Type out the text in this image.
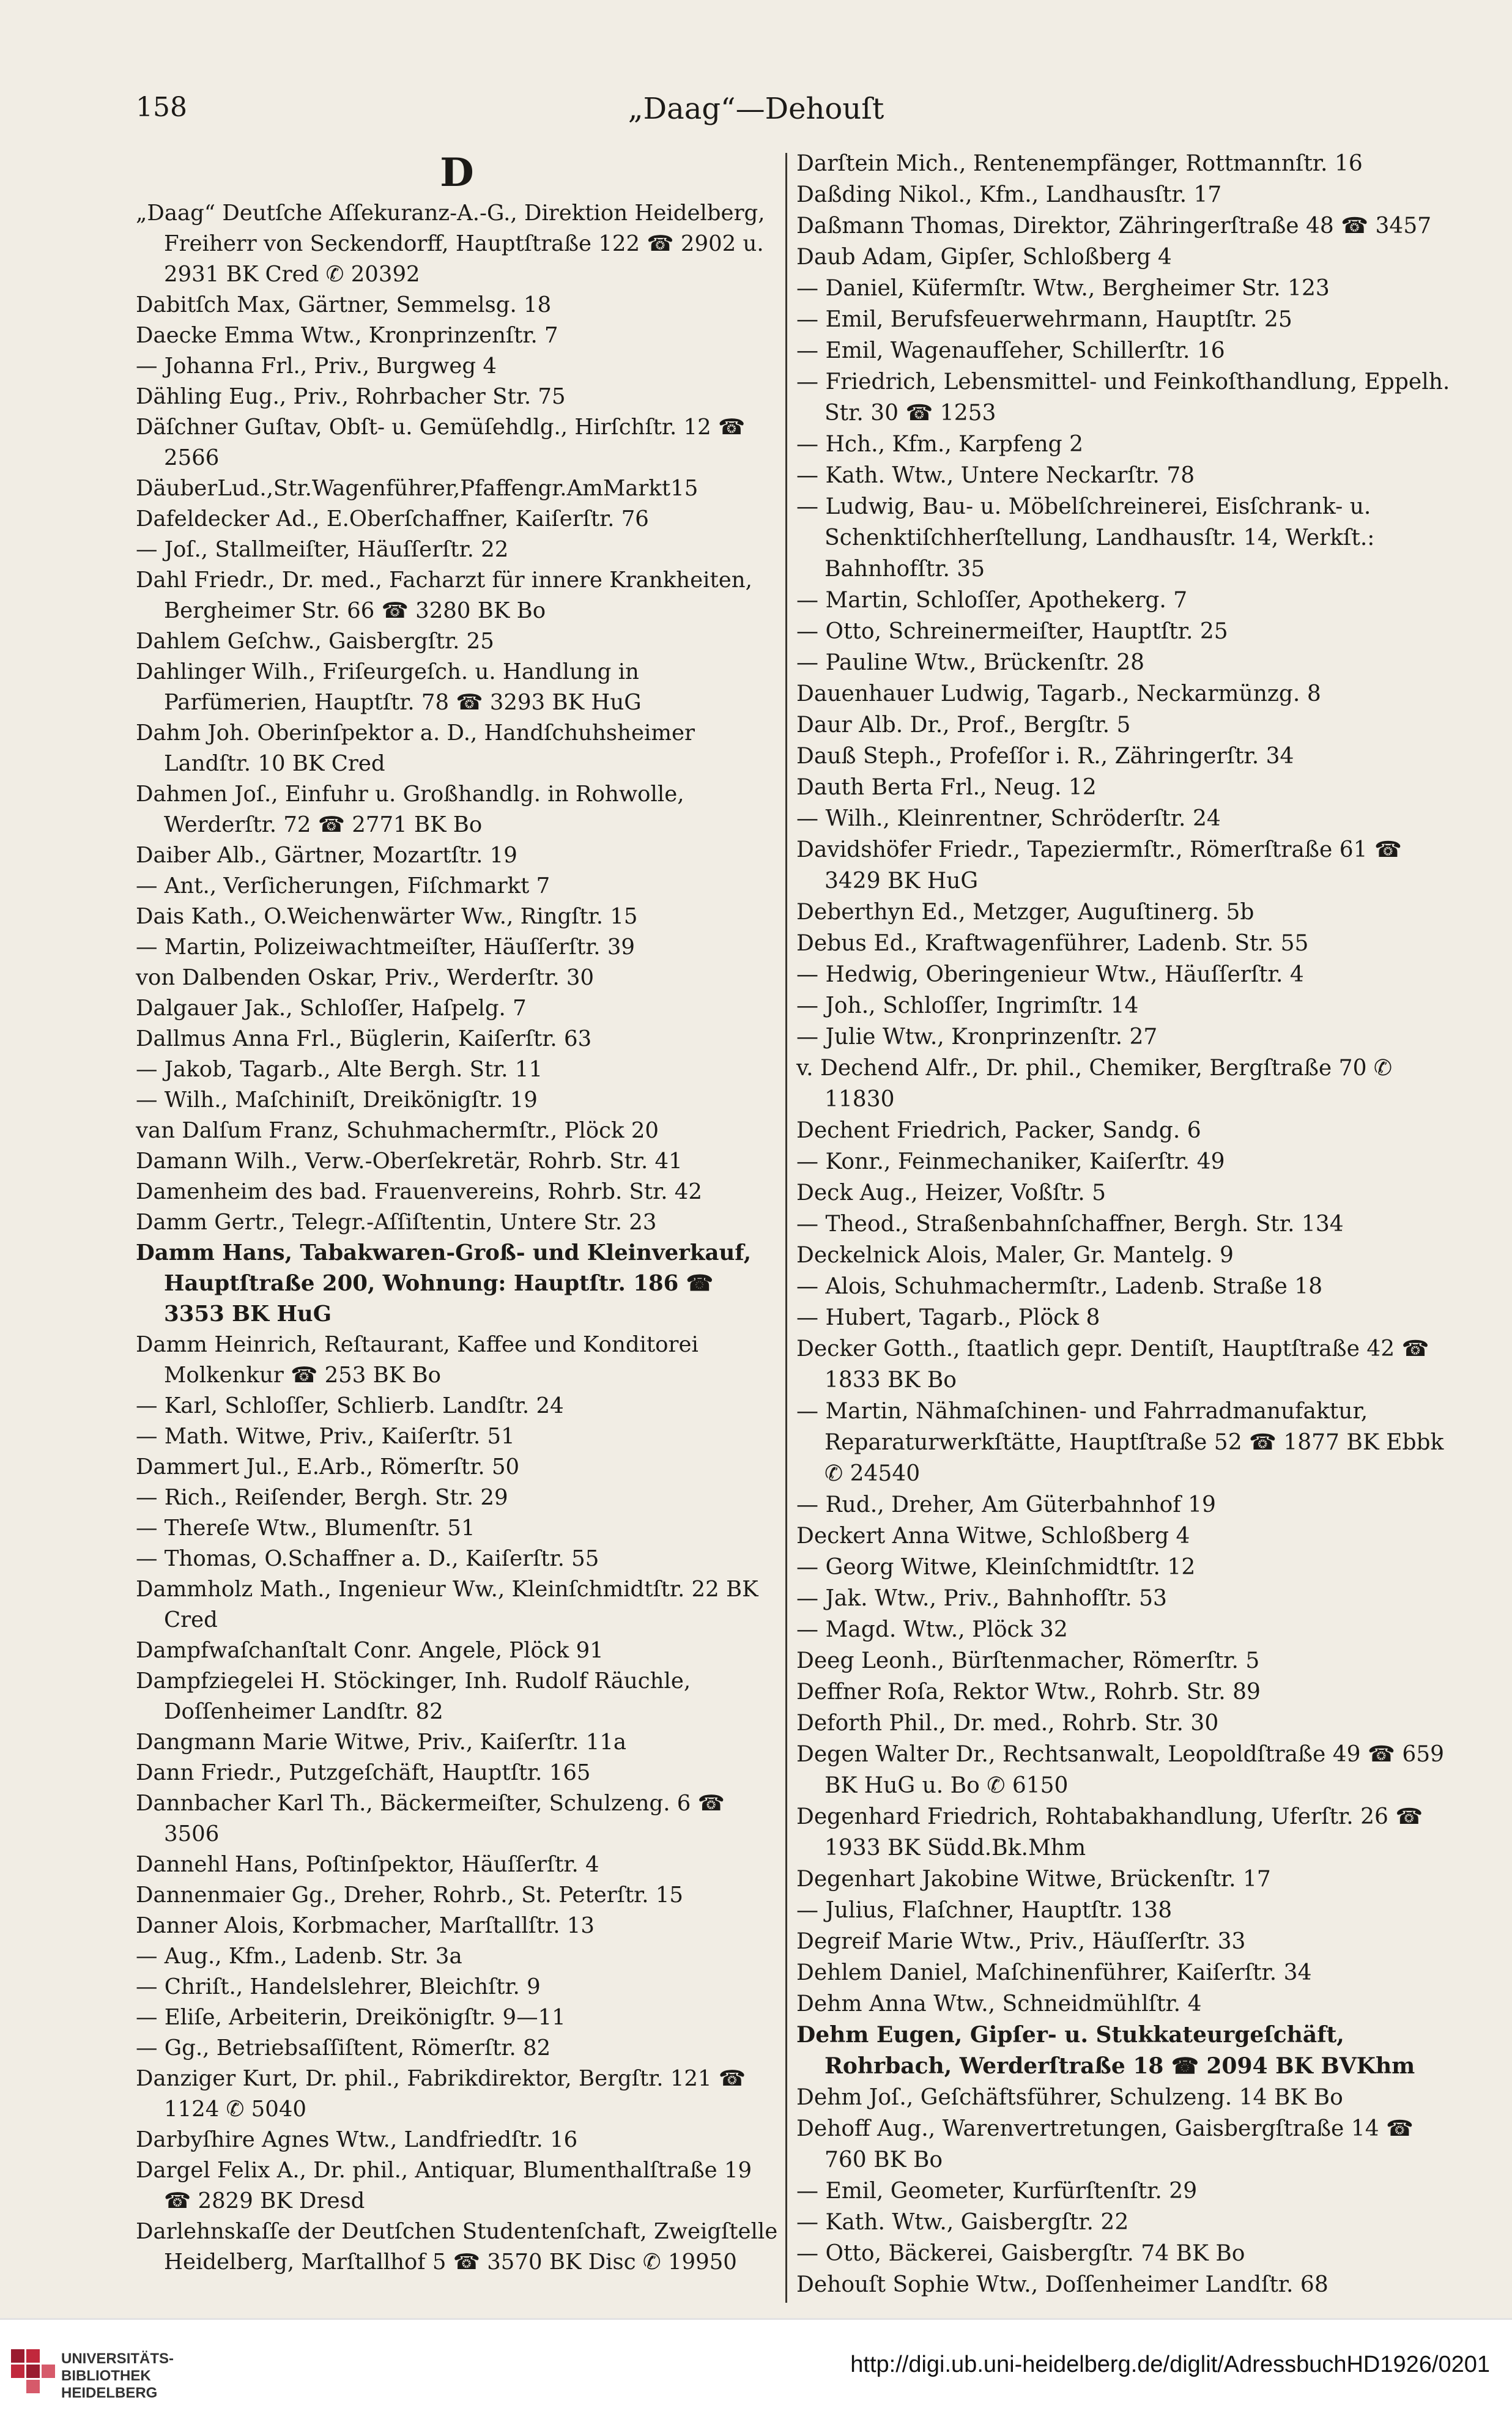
158	„Daag“—Dehouſt
D
„Daag“ Deutſche Aſſekuranz-A.-G., Direktion Heidelberg, Freiherr von Seckendorff, Hauptſtraße 122 ☎ 2902 u. 2931 BK Cred ✆ 20392
Dabitſch Max, Gärtner, Semmelsg. 18
Daecke Emma Wtw., Kronprinzenſtr. 7
— Johanna Frl., Priv., Burgweg 4
Dähling Eug., Priv., Rohrbacher Str. 75
Däſchner Guſtav, Obſt- u. Gemüſehdlg., Hirſchſtr. 12 ☎ 2566
DäuberLud.,Str.Wagenführer,Pfaffengr.AmMarkt15
Dafeldecker Ad., E.Oberſchaffner, Kaiſerſtr. 76
— Joſ., Stallmeiſter, Häuſſerſtr. 22
Dahl Friedr., Dr. med., Facharzt für innere Krankheiten, Bergheimer Str. 66 ☎ 3280 BK Bo
Dahlem Geſchw., Gaisbergſtr. 25
Dahlinger Wilh., Friſeurgeſch. u. Handlung in Parfümerien, Hauptſtr. 78 ☎ 3293 BK HuG
Dahm Joh. Oberinſpektor a. D., Handſchuhsheimer Landſtr. 10 BK Cred
Dahmen Joſ., Einfuhr u. Großhandlg. in Rohwolle, Werderſtr. 72 ☎ 2771 BK Bo
Daiber Alb., Gärtner, Mozartſtr. 19
— Ant., Verſicherungen, Fiſchmarkt 7
Dais Kath., O.Weichenwärter Ww., Ringſtr. 15
— Martin, Polizeiwachtmeiſter, Häuſſerſtr. 39
von Dalbenden Oskar, Priv., Werderſtr. 30
Dalgauer Jak., Schloſſer, Haſpelg. 7
Dallmus Anna Frl., Büglerin, Kaiſerſtr. 63
— Jakob, Tagarb., Alte Bergh. Str. 11
— Wilh., Maſchiniſt, Dreikönigſtr. 19
van Dalſum Franz, Schuhmachermſtr., Plöck 20
Damann Wilh., Verw.-Oberſekretär, Rohrb. Str. 41
Damenheim des bad. Frauenvereins, Rohrb. Str. 42
Damm Gertr., Telegr.-Aſſiſtentin, Untere Str. 23
Damm Hans, Tabakwaren-Groß- und Kleinverkauf, Hauptſtraße 200, Wohnung: Hauptſtr. 186 ☎ 3353 BK HuG
Damm Heinrich, Reſtaurant, Kaffee und Konditorei Molkenkur ☎ 253 BK Bo
— Karl, Schloſſer, Schlierb. Landſtr. 24
— Math. Witwe, Priv., Kaiſerſtr. 51
Dammert Jul., E.Arb., Römerſtr. 50
— Rich., Reiſender, Bergh. Str. 29
— Thereſe Wtw., Blumenſtr. 51
— Thomas, O.Schaffner a. D., Kaiſerſtr. 55
Dammholz Math., Ingenieur Ww., Kleinſchmidtſtr. 22 BK Cred
Dampfwaſchanſtalt Conr. Angele, Plöck 91
Dampfziegelei H. Stöckinger, Inh. Rudolf Räuchle, Doſſenheimer Landſtr. 82
Dangmann Marie Witwe, Priv., Kaiſerſtr. 11a
Dann Friedr., Putzgeſchäft, Hauptſtr. 165
Dannbacher Karl Th., Bäckermeiſter, Schulzeng. 6 ☎ 3506
Dannehl Hans, Poſtinſpektor, Häuſſerſtr. 4
Dannenmaier Gg., Dreher, Rohrb., St. Peterſtr. 15
Danner Alois, Korbmacher, Marſtallſtr. 13
— Aug., Kfm., Ladenb. Str. 3a
— Chriſt., Handelslehrer, Bleichſtr. 9
— Eliſe, Arbeiterin, Dreikönigſtr. 9—11
— Gg., Betriebsaſſiſtent, Römerſtr. 82
Danziger Kurt, Dr. phil., Fabrikdirektor, Bergſtr. 121 ☎ 1124 ✆ 5040
Darbyſhire Agnes Wtw., Landfriedſtr. 16
Dargel Felix A., Dr. phil., Antiquar, Blumenthalſtraße 19 ☎ 2829 BK Dresd
Darlehnskaſſe der Deutſchen Studentenſchaft, Zweigſtelle Heidelberg, Marſtallhof 5 ☎ 3570 BK Disc ✆ 19950
Darſtein Mich., Rentenempfänger, Rottmannſtr. 16
Daßding Nikol., Kfm., Landhausſtr. 17
Daßmann Thomas, Direktor, Zähringerſtraße 48 ☎ 3457
Daub Adam, Gipſer, Schloßberg 4
— Daniel, Küfermſtr. Wtw., Bergheimer Str. 123
— Emil, Berufsfeuerwehrmann, Hauptſtr. 25
— Emil, Wagenaufſeher, Schillerſtr. 16
— Friedrich, Lebensmittel- und Feinkoſthandlung, Eppelh. Str. 30 ☎ 1253
— Hch., Kfm., Karpfeng 2
— Kath. Wtw., Untere Neckarſtr. 78
— Ludwig, Bau- u. Möbelſchreinerei, Eisſchrank- u. Schenktiſchherſtellung, Landhausſtr. 14, Werkſt.: Bahnhofſtr. 35
— Martin, Schloſſer, Apothekerg. 7
— Otto, Schreinermeiſter, Hauptſtr. 25
— Pauline Wtw., Brückenſtr. 28
Dauenhauer Ludwig, Tagarb., Neckarmünzg. 8
Daur Alb. Dr., Prof., Bergſtr. 5
Dauß Steph., Profeſſor i. R., Zähringerſtr. 34
Dauth Berta Frl., Neug. 12
— Wilh., Kleinrentner, Schröderſtr. 24
Davidshöfer Friedr., Tapeziermſtr., Römerſtraße 61 ☎ 3429 BK HuG
Deberthyn Ed., Metzger, Auguſtinerg. 5b
Debus Ed., Kraftwagenführer, Ladenb. Str. 55
— Hedwig, Oberingenieur Wtw., Häuſſerſtr. 4
— Joh., Schloſſer, Ingrimſtr. 14
— Julie Wtw., Kronprinzenſtr. 27
v. Dechend Alfr., Dr. phil., Chemiker, Bergſtraße 70 ✆ 11830
Dechent Friedrich, Packer, Sandg. 6
— Konr., Feinmechaniker, Kaiſerſtr. 49
Deck Aug., Heizer, Voßſtr. 5
— Theod., Straßenbahnſchaffner, Bergh. Str. 134
Deckelnick Alois, Maler, Gr. Mantelg. 9
— Alois, Schuhmachermſtr., Ladenb. Straße 18
— Hubert, Tagarb., Plöck 8
Decker Gotth., ſtaatlich gepr. Dentiſt, Hauptſtraße 42 ☎ 1833 BK Bo
— Martin, Nähmaſchinen- und Fahrradmanufaktur, Reparaturwerkſtätte, Hauptſtraße 52 ☎ 1877 BK Ebbk ✆ 24540
— Rud., Dreher, Am Güterbahnhof 19
Deckert Anna Witwe, Schloßberg 4
— Georg Witwe, Kleinſchmidtſtr. 12
— Jak. Wtw., Priv., Bahnhofſtr. 53
— Magd. Wtw., Plöck 32
Deeg Leonh., Bürſtenmacher, Römerſtr. 5
Deffner Roſa, Rektor Wtw., Rohrb. Str. 89
Deforth Phil., Dr. med., Rohrb. Str. 30
Degen Walter Dr., Rechtsanwalt, Leopoldſtraße 49 ☎ 659 BK HuG u. Bo ✆ 6150
Degenhard Friedrich, Rohtabakhandlung, Uferſtr. 26 ☎ 1933 BK Südd.Bk.Mhm
Degenhart Jakobine Witwe, Brückenſtr. 17
— Julius, Flaſchner, Hauptſtr. 138
Degreif Marie Wtw., Priv., Häuſſerſtr. 33
Dehlem Daniel, Maſchinenführer, Kaiſerſtr. 34
Dehm Anna Wtw., Schneidmühlſtr. 4
Dehm Eugen, Gipſer- u. Stukkateurgeſchäft, Rohrbach, Werderſtraße 18 ☎ 2094 BK BVKhm
Dehm Joſ., Geſchäftsführer, Schulzeng. 14 BK Bo
Dehoff Aug., Warenvertretungen, Gaisbergſtraße 14 ☎ 760 BK Bo
— Emil, Geometer, Kurfürſtenſtr. 29
— Kath. Wtw., Gaisbergſtr. 22
— Otto, Bäckerei, Gaisbergſtr. 74 BK Bo
Dehouſt Sophie Wtw., Doſſenheimer Landſtr. 68
UNIVERSITÄTS-
BIBLIOTHEK
HEIDELBERG
http://digi.ub.uni-heidelberg.de/diglit/AdressbuchHD1926/0201
